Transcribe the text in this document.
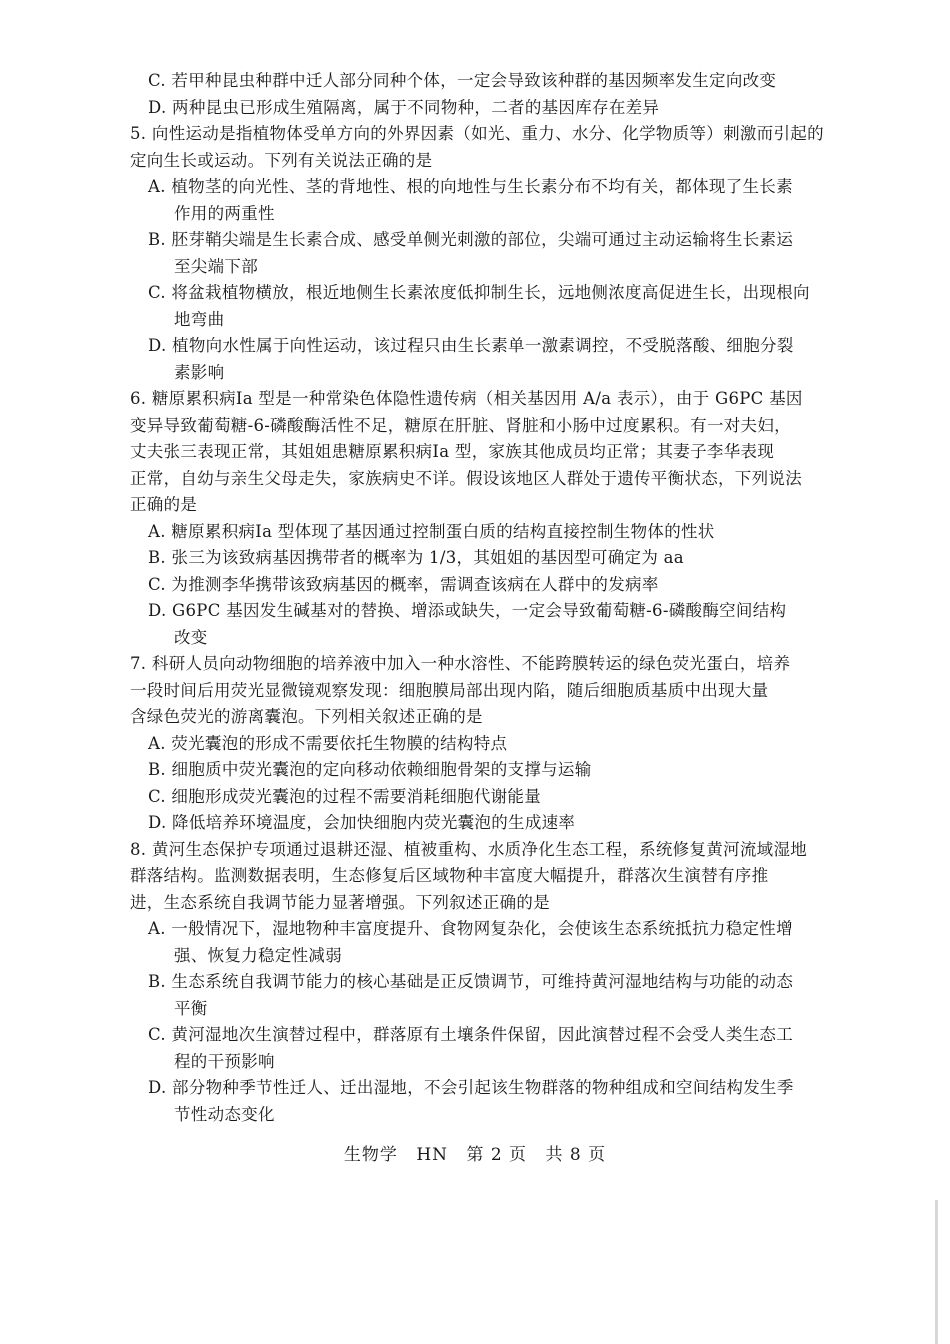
C. 若甲种昆虫种群中迁人部分同种个体，一定会导致该种群的基因频率发生定向改变
D. 两种昆虫已形成生殖隔离，属于不同物种，二者的基因库存在差异
5. 向性运动是指植物体受单方向的外界因素（如光、重力、水分、化学物质等）刺激而引起的
定向生长或运动。下列有关说法正确的是
A. 植物茎的向光性、茎的背地性、根的向地性与生长素分布不均有关，都体现了生长素
作用的两重性
B. 胚芽鞘尖端是生长素合成、感受单侧光刺激的部位，尖端可通过主动运输将生长素运
至尖端下部
C. 将盆栽植物横放，根近地侧生长素浓度低抑制生长，远地侧浓度高促进生长，出现根向
地弯曲
D. 植物向水性属于向性运动，该过程只由生长素单一激素调控，不受脱落酸、细胞分裂
素影响
6. 糖原累积病Ⅰa 型是一种常染色体隐性遗传病（相关基因用 A/a 表示），由于 G6PC 基因
变异导致葡萄糖-6-磷酸酶活性不足，糖原在肝脏、肾脏和小肠中过度累积。有一对夫妇，
丈夫张三表现正常，其姐姐患糖原累积病Ⅰa 型，家族其他成员均正常；其妻子李华表现
正常，自幼与亲生父母走失，家族病史不详。假设该地区人群处于遗传平衡状态，下列说法
正确的是
A. 糖原累积病Ⅰa 型体现了基因通过控制蛋白质的结构直接控制生物体的性状
B. 张三为该致病基因携带者的概率为 1/3，其姐姐的基因型可确定为 aa
C. 为推测李华携带该致病基因的概率，需调查该病在人群中的发病率
D. G6PC 基因发生碱基对的替换、增添或缺失，一定会导致葡萄糖-6-磷酸酶空间结构
改变
7. 科研人员向动物细胞的培养液中加入一种水溶性、不能跨膜转运的绿色荧光蛋白，培养
一段时间后用荧光显微镜观察发现：细胞膜局部出现内陷，随后细胞质基质中出现大量
含绿色荧光的游离囊泡。下列相关叙述正确的是
A. 荧光囊泡的形成不需要依托生物膜的结构特点
B. 细胞质中荧光囊泡的定向移动依赖细胞骨架的支撑与运输
C. 细胞形成荧光囊泡的过程不需要消耗细胞代谢能量
D. 降低培养环境温度，会加快细胞内荧光囊泡的生成速率
8. 黄河生态保护专项通过退耕还湿、植被重构、水质净化生态工程，系统修复黄河流域湿地
群落结构。监测数据表明，生态修复后区域物种丰富度大幅提升，群落次生演替有序推
进，生态系统自我调节能力显著增强。下列叙述正确的是
A. 一般情况下，湿地物种丰富度提升、食物网复杂化，会使该生态系统抵抗力稳定性增
强、恢复力稳定性减弱
B. 生态系统自我调节能力的核心基础是正反馈调节，可维持黄河湿地结构与功能的动态
平衡
C. 黄河湿地次生演替过程中，群落原有土壤条件保留，因此演替过程不会受人类生态工
程的干预影响
D. 部分物种季节性迁人、迁出湿地，不会引起该生物群落的物种组成和空间结构发生季
节性动态变化
生物学 HN 第 2 页 共 8 页
